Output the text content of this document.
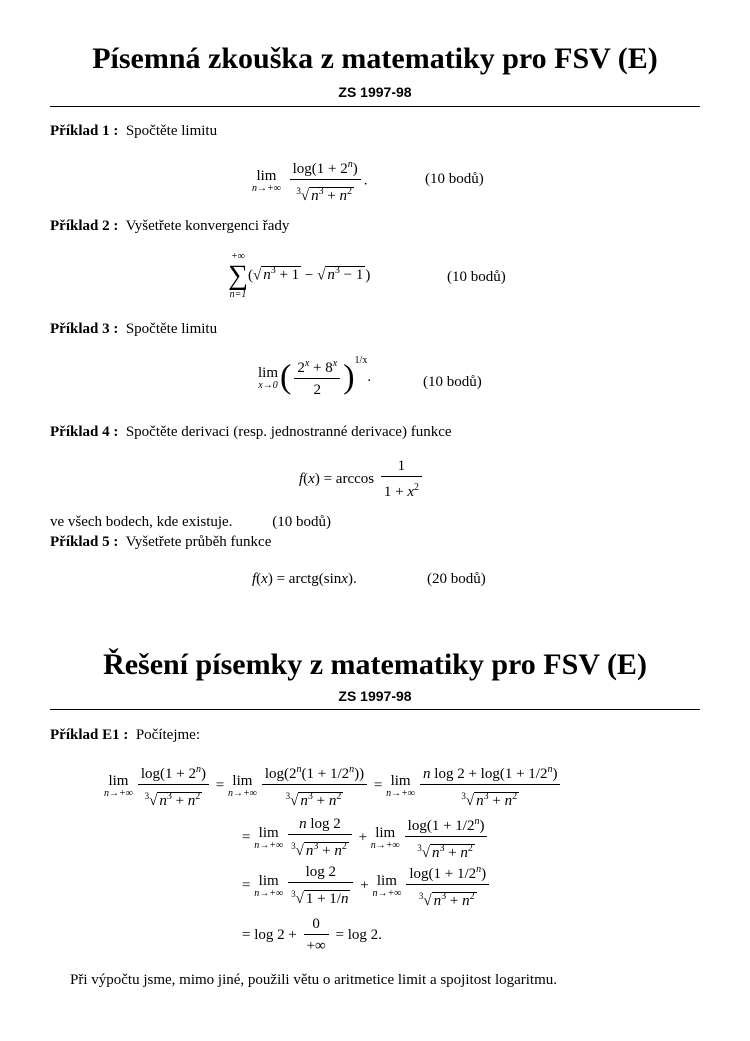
Písemná zkouška z matematiky pro FSV (E)
ZS 1997-98
Příklad 1 : Spočtěte limitu
lim
n→+∞
$\frac{\log(1 + 2^n)}{^3√ n^3 + n^2}$ .	(10 bodů)
Příklad 2 : Vyšetřete konvergenci řady
+∞
∑
n=1
(√ $n^3 + 1$ − √ $n^3 - 1$ )	(10 bodů)
Příklad 3 : Spočtěte limitu
lim
x→0 ( $\frac{2^x + 8^x}{2} )^{1/x}$.	(10 bodů)
Příklad 4 : Spočtěte derivaci (resp. jednostranné derivace) funkce
$f(x) = \arccos \frac{1}{1 + x^2}$
ve všech bodech, kde existuje.	(10 bodů)
Příklad 5 : Vyšetřete průběh funkce
f(x) = arctg(sinx).	(20 bodů)
Řešení písemky z matematiky pro FSV (E)
ZS 1997-98
Příklad E1 : Počítejme:
lim
$n\to+\infty \frac{\log(1 + 2^n)}{^3√ n^3 + n^2} = \lim$
$n\to+\infty \frac{\log(2^n(1 + 1/2^n))}{^3√ n^3 + n^2} = \lim$
$n\to+\infty \frac{n \log 2 + \log(1 + 1/2^n)}{^3√ n^3 + n^2}$
= lim
$n\to+\infty \frac{\text{n log 2}}{^3√ n^3 + n^2} + \lim$
$n\to+\infty \frac{\log(1 + 1/2^n)}{^3√ n^3 + n^2}$
= lim
$n\to+\infty \frac{\log 2}{^3√ 1 + 1/n} + \lim$
$n\to+\infty \frac{\log(1 + 1/2^n)}{^3√ n^3 + n^2}$
= $\log 2 + \frac{0}{+\infty} = \log 2$.
Při výpočtu jsme, mimo jiné, použili větu o aritmetice limit a spojitost logaritmu.
